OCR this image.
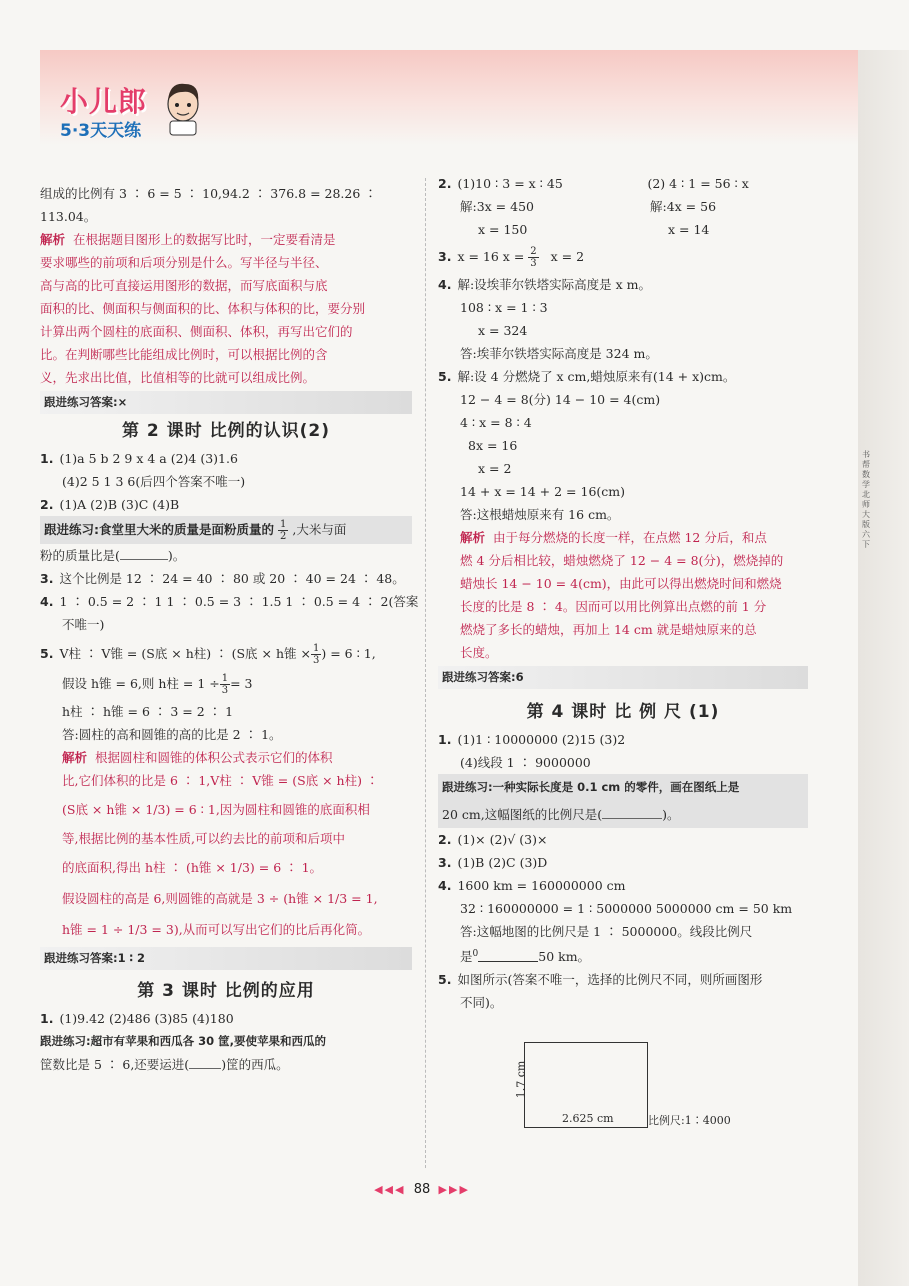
小儿郎
5·3天天练
书帮 数学 北师大版 六下
组成的比例有 3 ∶ 6 = 5 ∶ 10,94.2 ∶ 376.8 = 28.26 ∶
113.04。
解析 在根据题目图形上的数据写比时，一定要看清是
要求哪些的前项和后项分别是什么。写半径与半径、
高与高的比可直接运用图形的数据，而写底面积与底
面积的比、侧面积与侧面积的比、体积与体积的比，要分别
计算出两个圆柱的底面积、侧面积、体积，再写出它们的
比。在判断哪些比能组成比例时，可以根据比例的含
义，先求出比值，比值相等的比就可以组成比例。
跟进练习答案:×
第 2 课时 比例的认识(2)
1. (1)a 5 b 2 9 x 4 a (2)4 (3)1.6
(4)2 5 1 3 6(后四个答案不唯一)
2. (1)A (2)B (3)C (4)B
跟进练习:食堂里大米的质量是面粉质量的 $\frac{1}{2}$ ,大米与面
粉的质量比是(	)。
3. 这个比例是 12 ∶ 24 = 40 ∶ 80 或 20 ∶ 40 = 24 ∶ 48。
4. 1 ∶ 0.5 = 2 ∶ 1 1 ∶ 0.5 = 3 ∶ 1.5 1 ∶ 0.5 = 4 ∶ 2(答案
不唯一)
5. V柱 ∶ V锥 = (S底 × h柱) ∶ (S底 × h锥 × $\frac{1}{3}$ ) = 6 ∶ 1,
假设 h锥 = 6,则 h柱 = $1 \div \frac{1}{3} = 3$
h柱 ∶ h锥 = 6 ∶ 3 = 2 ∶ 1
答:圆柱的高和圆锥的高的比是 2 ∶ 1。
解析 根据圆柱和圆锥的体积公式表示它们的体积
比,它们体积的比是 6 ∶ 1,V柱 ∶ V锥 = (S底 × h柱) ∶
(S底 × h锥 × 1/3) = 6 ∶ 1,因为圆柱和圆锥的底面积相
等,根据比例的基本性质,可以约去比的前项和后项中
的底面积,得出 h柱 ∶ (h锥 × 1/3) = 6 ∶ 1。
假设圆柱的高是 6,则圆锥的高就是 3 ÷ (h锥 × 1/3 = 1,
h锥 = 1 ÷ 1/3 = 3),从而可以写出它们的比后再化简。
跟进练习答案:1 ∶ 2
第 3 课时 比例的应用
1. (1)9.42 (2)486 (3)85 (4)180
跟进练习:超市有苹果和西瓜各 30 筐,要使苹果和西瓜的
筐数比是 5 ∶ 6,还要运进(	)筐的西瓜。
2. (1)10 ∶ 3 = x ∶ 45	(2) 4 ∶ 1 = 56 ∶ x
解:3x = 450	解:4x = 56
x = 150	x = 14
3. x = 16 $x = \frac{2}{3}$ x = 2
4. 解:设埃菲尔铁塔实际高度是 x m。
108 ∶ x = 1 ∶ 3
x = 324
答:埃菲尔铁塔实际高度是 324 m。
5. 解:设 4 分燃烧了 x cm,蜡烛原来有(14 + x)cm。
12 − 4 = 8(分) 14 − 10 = 4(cm)
4 ∶ x = 8 ∶ 4
8x = 16
x = 2
14 + x = 14 + 2 = 16(cm)
答:这根蜡烛原来有 16 cm。
解析 由于每分燃烧的长度一样，在点燃 12 分后，和点
燃 4 分后相比较，蜡烛燃烧了 12 − 4 = 8(分)，燃烧掉的
蜡烛长 14 − 10 = 4(cm)，由此可以得出燃烧时间和燃烧
长度的比是 8 ∶ 4。因而可以用比例算出点燃的前 1 分
燃烧了多长的蜡烛，再加上 14 cm 就是蜡烛原来的总
长度。
跟进练习答案:6
第 4 课时 比 例 尺 (1)
1. (1)1 ∶ 10000000 (2)15 (3)2
(4)线段 1 ∶ 9000000
跟进练习:一种实际长度是 0.1 cm 的零件，画在图纸上是
20 cm,这幅图纸的比例尺是(	)。
2. (1)× (2)√ (3)×
3. (1)B (2)C (3)D
4. 1600 km = 160000000 cm
32 ∶ 160000000 = 1 ∶ 5000000 5000000 cm = 50 km
答:这幅地图的比例尺是 1 ∶ 5000000。线段比例尺
是$^0$	50 km。
5. 如图所示(答案不唯一，选择的比例尺不同，则所画图形
不同)。
2.625 cm
1.7 cm
比例尺:1∶4000
◀◀◀ 88 ▶▶▶
